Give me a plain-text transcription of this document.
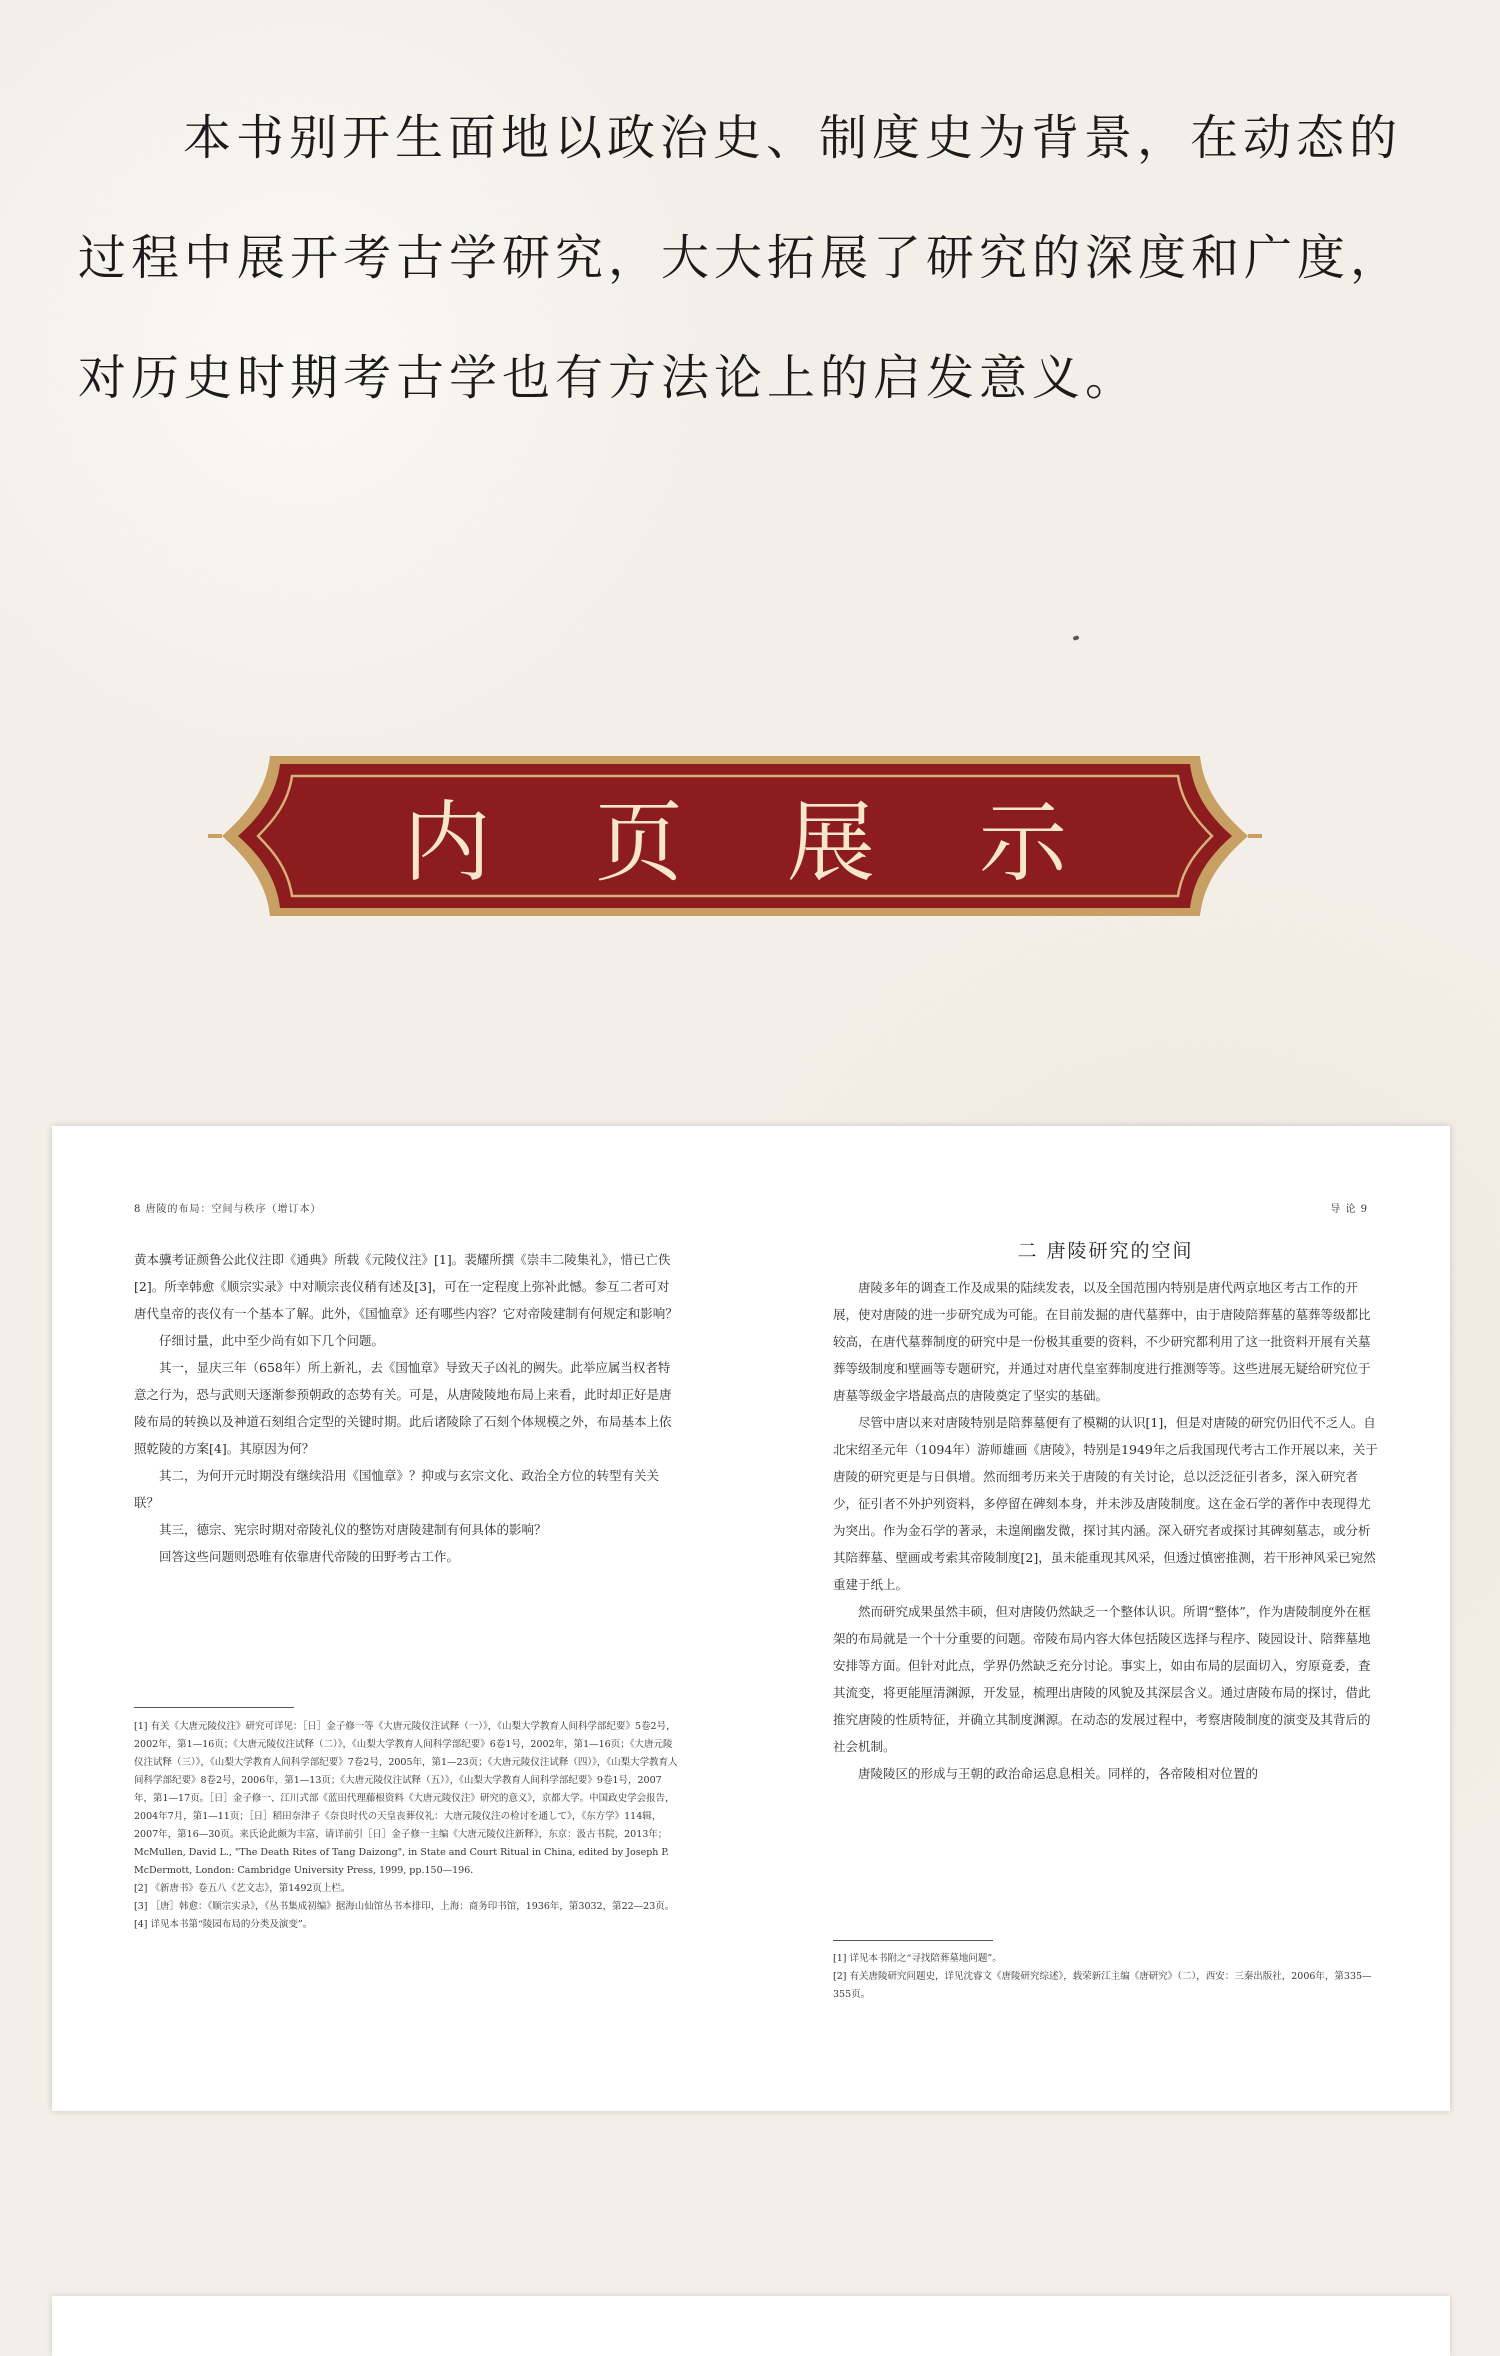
本书别开生面地以政治史、制度史为背景，在动态的

过程中展开考古学研究，大大拓展了研究的深度和广度，

对历史时期考古学也有方法论上的启发意义。

内 页 展 示
8 唐陵的布局：空间与秩序（增订本）

黄本骥考证颜鲁公此仪注即《通典》所载《元陵仪注》[1]。裴耀所撰《崇丰二陵集礼》，惜已亡佚[2]。所幸韩愈《顺宗实录》中对顺宗丧仪稍有述及[3]，可在一定程度上弥补此憾。参互二者可对唐代皇帝的丧仪有一个基本了解。此外，《国恤章》还有哪些内容？它对帝陵建制有何规定和影响？

仔细讨量，此中至少尚有如下几个问题。

其一，显庆三年（658年）所上新礼，去《国恤章》导致天子凶礼的阙失。此举应属当权者特意之行为，恐与武则天逐渐参预朝政的态势有关。可是，从唐陵陵地布局上来看，此时却正好是唐陵布局的转换以及神道石刻组合定型的关键时期。此后诸陵除了石刻个体规模之外，布局基本上依照乾陵的方案[4]。其原因为何？

其二，为何开元时期没有继续沿用《国恤章》？抑或与玄宗文化、政治全方位的转型有关关联？

其三，德宗、宪宗时期对帝陵礼仪的整饬对唐陵建制有何具体的影响？

回答这些问题则恐唯有依靠唐代帝陵的田野考古工作。

[1] 有关《大唐元陵仪注》研究可详见：［日］金子修一等《大唐元陵仪注试释（一）》，《山梨大学教育人间科学部纪要》5卷2号，2002年，第1—16页；《大唐元陵仪注试释（二）》，《山梨大学教育人间科学部纪要》6卷1号，2002年，第1—16页；《大唐元陵仪注试释（三）》，《山梨大学教育人间科学部纪要》7卷2号，2005年，第1—23页；《大唐元陵仪注试释（四）》，《山梨大学教育人间科学部纪要》8卷2号，2006年，第1—13页；《大唐元陵仪注试释（五）》，《山梨大学教育人间科学部纪要》9卷1号，2007年，第1—17页。［日］金子修一、江川式部《蓝田代理藤根资料《大唐元陵仪注》研究的意义》，京都大学。中国政史学会报告，2004年7月，第1—11页；［日］稻田奈津子《奈良时代の天皇丧葬仪礼：大唐元陵仪注の检讨を通して》，《东方学》114辑，2007年，第16—30页。来氏论此颇为丰富，请详前引［日］金子修一主编《大唐元陵仪注新释》，东京：汲古书院，2013年；McMullen, David L., "The Death Rites of Tang Daizong", in State and Court Ritual in China, edited by Joseph P. McDermott, London: Cambridge University Press, 1999, pp.150—196.

[2] 《新唐书》卷五八《艺文志》，第1492页上栏。

[3] ［唐］韩愈：《顺宗实录》，《丛书集成初编》据海山仙馆丛书本排印，上海：商务印书馆，1936年，第3032，第22—23页。

[4] 详见本书第“陵园布局的分类及演变”。

导 论 9
二 唐陵研究的空间

唐陵多年的调查工作及成果的陆续发表，以及全国范围内特别是唐代两京地区考古工作的开展，使对唐陵的进一步研究成为可能。在目前发掘的唐代墓葬中，由于唐陵陪葬墓的墓葬等级都比较高，在唐代墓葬制度的研究中是一份极其重要的资料，不少研究都利用了这一批资料开展有关墓葬等级制度和壁画等专题研究，并通过对唐代皇室葬制度进行推测等等。这些进展无疑给研究位于唐墓等级金字塔最高点的唐陵奠定了坚实的基础。

尽管中唐以来对唐陵特别是陪葬墓便有了模糊的认识[1]，但是对唐陵的研究仍旧代不乏人。自北宋绍圣元年（1094年）游师雄画《唐陵》，特别是1949年之后我国现代考古工作开展以来，关于唐陵的研究更是与日俱增。然而细考历来关于唐陵的有关讨论，总以泛泛征引者多，深入研究者少，征引者不外护列资料，多停留在碑刻本身，并未涉及唐陵制度。这在金石学的著作中表现得尤为突出。作为金石学的著录，未遑阐幽发微，探讨其内涵。深入研究者或探讨其碑刻墓志，或分析其陪葬墓、壁画或考索其帝陵制度[2]，虽未能重现其风采，但透过慎密推测，若干形神风采已宛然重建于纸上。

然而研究成果虽然丰硕，但对唐陵仍然缺乏一个整体认识。所谓“整体”，作为唐陵制度外在框架的布局就是一个十分重要的问题。帝陵布局内容大体包括陵区选择与程序、陵园设计、陪葬墓地安排等方面。但针对此点，学界仍然缺乏充分讨论。事实上，如由布局的层面切入，穷原竟委，査其流变，将更能厘清渊源，开发显，梳理出唐陵的风貌及其深层含义。通过唐陵布局的探讨，借此推究唐陵的性质特征，并确立其制度渊源。在动态的发展过程中，考察唐陵制度的演变及其背后的社会机制。

唐陵陵区的形成与王朝的政治命运息息相关。同样的，各帝陵相对位置的

[1] 详见本书附之“寻找陪葬墓地问题”。

[2] 有关唐陵研究问题史，详见沈睿文《唐陵研究综述》，载荣新江主编《唐研究》（二），西安：三秦出版社，2006年，第335—355页。
